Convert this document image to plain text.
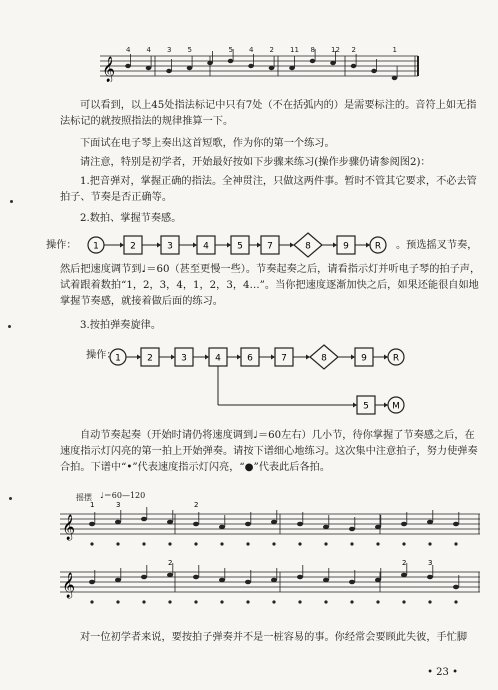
𝄞
4 4 3 5	5 4 2 11 8 12 2	1
可以看到，以上45处指法标记中只有7处（不在括弧内的）是需要标注的。音符上如无指法标记的就按照指法的规律推算一下。
下面试在电子琴上奏出这首短歌，作为你的第一个练习。
请注意，特别是初学者，开始最好按如下步骤来练习(操作步骤仍请参阅图2)：
1.把音弹对，掌握正确的指法。全神贯注，只做这两件事。暂时不管其它要求，不必去管拍子、节奏是否正确等。
2.数拍、掌握节奏感。
操作：	1	2	3	4	5	7	8	9	R
1	2	3	4	6	7	8	9	R
5	M
。预选摇叉节奏，
然后把速度调节到♩＝60（甚至更慢一些）。节奏起奏之后，请看指示灯并听电子琴的拍子声，试着跟着数拍“1，2，3，4，1，2，3，4…”。当你把速度逐渐加快之后，如果还能很自如地掌握节奏感，就接着做后面的练习。
3.按拍弹奏旋律。
操作：
自动节奏起奏（开始时请仍将速度调到♩＝60左右）几小节，待你掌握了节奏感之后，在速度指示灯闪亮的第一拍上开始弹奏。请按下谱细心地练习。这次集中注意拍子，努力使弹奏合拍。下谱中“•”代表速度指示灯闪亮，“●”代表此后各拍。
摇摆 ♩＝60—120
𝄞
1	3	2
𝄞
2	2	3
对一位初学者来说，要按拍子弹奏并不是一桩容易的事。你经常会要顾此失彼，手忙脚
• 23 •
